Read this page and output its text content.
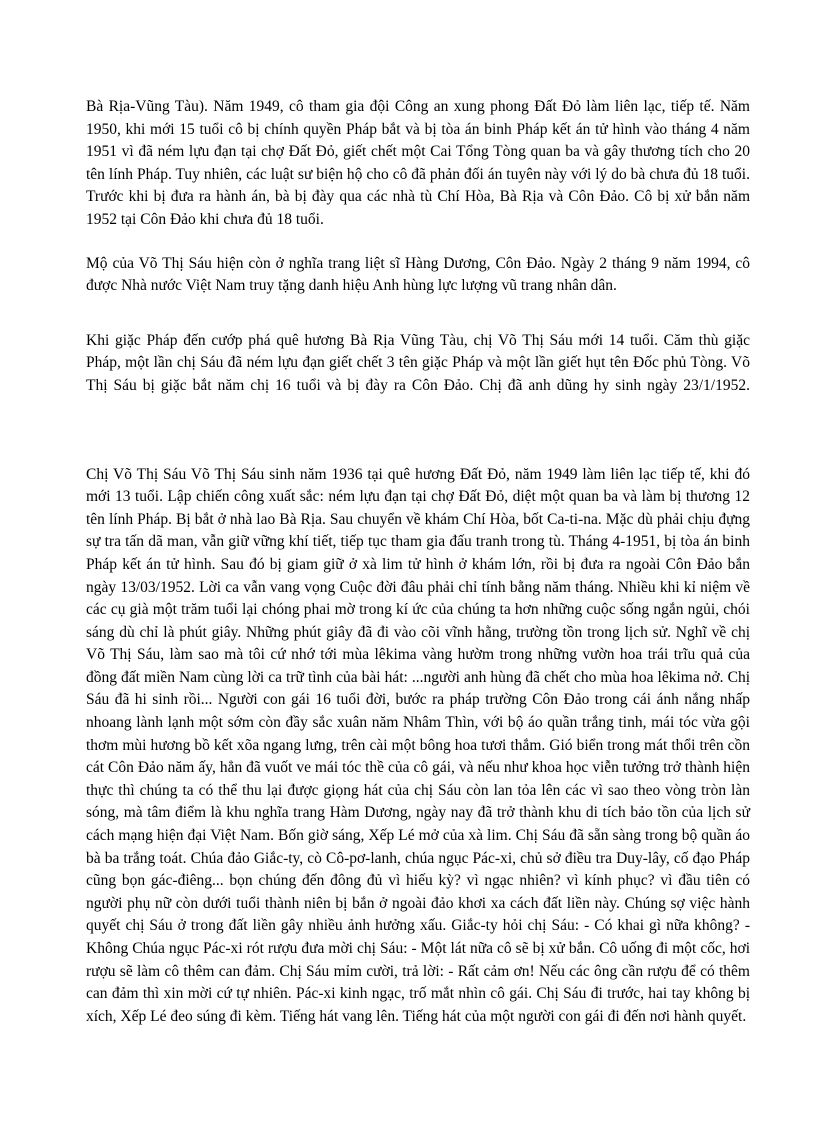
Bà Rịa-Vũng Tàu). Năm 1949, cô tham gia đội Công an xung phong Đất Đỏ làm liên lạc, tiếp tế. Năm 1950, khi mới 15 tuổi cô bị chính quyền Pháp bắt và bị tòa án binh Pháp kết án tử hình vào tháng 4 năm 1951 vì đã ném lựu đạn tại chợ Đất Đỏ, giết chết một Cai Tổng Tòng quan ba và gây thương tích cho 20 tên lính Pháp. Tuy nhiên, các luật sư biện hộ cho cô đã phản đối án tuyên này với lý do bà chưa đủ 18 tuổi. Trước khi bị đưa ra hành án, bà bị đày qua các nhà tù Chí Hòa, Bà Rịa và Côn Đảo. Cô bị xử bắn năm 1952 tại Côn Đảo khi chưa đủ 18 tuổi.

Mộ của Võ Thị Sáu hiện còn ở nghĩa trang liệt sĩ Hàng Dương, Côn Đảo. Ngày 2 tháng 9 năm 1994, cô được Nhà nước Việt Nam truy tặng danh hiệu Anh hùng lực lượng vũ trang nhân dân.

Khi giặc Pháp đến cướp phá quê hương Bà Rịa Vũng Tàu, chị Võ Thị Sáu mới 14 tuổi. Căm thù giặc Pháp, một lần chị Sáu đã ném lựu đạn giết chết 3 tên giặc Pháp và một lần giết hụt tên Đốc phủ Tòng. Võ Thị Sáu bị giặc bắt năm chị 16 tuổi và bị đày ra Côn Đảo. Chị đã anh dũng hy sinh ngày 23/1/1952.

Chị Võ Thị Sáu Võ Thị Sáu sinh năm 1936 tại quê hương Đất Đỏ, năm 1949 làm liên lạc tiếp tế, khi đó mới 13 tuổi. Lập chiến công xuất sắc: ném lựu đạn tại chợ Đất Đỏ, diệt một quan ba và làm bị thương 12 tên lính Pháp. Bị bắt ở nhà lao Bà Rịa. Sau chuyển về khám Chí Hòa, bốt Ca-ti-na. Mặc dù phải chịu đựng sự tra tấn dã man, vẫn giữ vững khí tiết, tiếp tục tham gia đấu tranh trong tù. Tháng 4-1951, bị tòa án binh Pháp kết án tử hình. Sau đó bị giam giữ ở xà lim tử hình ở khám lớn, rồi bị đưa ra ngoài Côn Đảo bắn ngày 13/03/1952. Lời ca vẫn vang vọng Cuộc đời đâu phải chỉ tính bằng năm tháng. Nhiều khi kỉ niệm về các cụ già một trăm tuổi lại chóng phai mờ trong kí ức của chúng ta hơn những cuộc sống ngắn ngủi, chói sáng dù chỉ là phút giây. Những phút giây đã đi vào cõi vĩnh hằng, trường tồn trong lịch sử. Nghĩ về chị Võ Thị Sáu, làm sao mà tôi cứ nhớ tới mùa lêkima vàng hườm trong những vườn hoa trái trĩu quả của đồng đất miền Nam cùng lời ca trữ tình của bài hát: ...người anh hùng đã chết cho mùa hoa lêkima nở. Chị Sáu đã hi sinh rồi... Người con gái 16 tuổi đời, bước ra pháp trường Côn Đảo trong cái ánh nắng nhấp nhoang lành lạnh một sớm còn đầy sắc xuân năm Nhâm Thìn, với bộ áo quần trắng tinh, mái tóc vừa gội thơm mùi hương bồ kết xõa ngang lưng, trên cài một bông hoa tươi thắm. Gió biển trong mát thổi trên cồn cát Côn Đảo năm ấy, hẳn đã vuốt ve mái tóc thề của cô gái, và nếu như khoa học viễn tưởng trở thành hiện thực thì chúng ta có thể thu lại được giọng hát của chị Sáu còn lan tỏa lên các vì sao theo vòng tròn làn sóng, mà tâm điểm là khu nghĩa trang Hàm Dương, ngày nay đã trở thành khu di tích bảo tồn của lịch sử cách mạng hiện đại Việt Nam. Bốn giờ sáng, Xếp Lé mở của xà lim. Chị Sáu đã sẵn sàng trong bộ quần áo bà ba trắng toát. Chúa đảo Giắc-ty, cò Cô-pơ-lanh, chúa ngục Pác-xi, chủ sở điều tra Duy-lây, cố đạo Pháp cũng bọn gác-điêng... bọn chúng đến đông đủ vì hiếu kỳ? vì ngạc nhiên? vì kính phục? vì đầu tiên có người phụ nữ còn dưới tuổi thành niên bị bắn ở ngoài đảo khơi xa cách đất liền này. Chúng sợ việc hành quyết chị Sáu ở trong đất liền gây nhiều ảnh hưởng xấu. Giắc-ty hỏi chị Sáu: - Có khai gì nữa không? - Không Chúa ngục Pác-xi rót rượu đưa mời chị Sáu: - Một lát nữa cô sẽ bị xử bắn. Cô uống đi một cốc, hơi rượu sẽ làm cô thêm can đảm. Chị Sáu mỉm cười, trả lời: - Rất cảm ơn! Nếu các ông cần rượu để có thêm can đảm thì xin mời cứ tự nhiên. Pác-xi kinh ngạc, trố mắt nhìn cô gái. Chị Sáu đi trước, hai tay không bị xích, Xếp Lé đeo súng đi kèm. Tiếng hát vang lên. Tiếng hát của một người con gái đi đến nơi hành quyết.
